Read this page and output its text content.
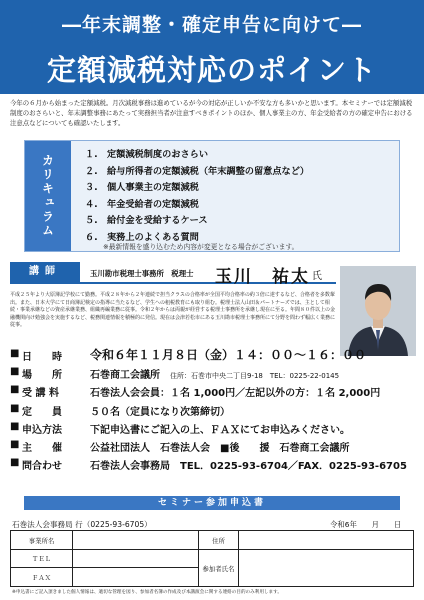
―年末調整・確定申告に向けて―
定額減税対応のポイント
今年の６月から始まった定額減税。月次減税事務は進めているが今の対応が正しいか不安な方も多いかと思います。本セミナーでは定額減税制度のおさらいと、年末調整事務にあたって実務担当者が注意すべきポイントのほか、個人事業主の方、年金受給者の方の確定申告における注意点などについても確認いたします。
カリキュラム	１. 定額減税制度のおさらい
２. 給与所得者の定額減税（年末調整の留意点など）
３. 個人事業主の定額減税
４. 年金受給者の定額減税
５. 給付金を受給するケース
６. 実務上のよくある質問
※最新情報を盛り込むため内容が変更となる場合がございます。
講師	玉川勘市税理士事務所　税理士 玉川　祐太 氏
平成２５年より大原簿記学校にて勤務。平成２８年から２年連続で担当クラスの合格率が全国平均合格率の約３倍に達するなど、合格者を多数輩出。また、日本大学にて日商簿記検定の指導に当たるなど、学生への租税教育にも取り組む。税理士法人山田＆パートナーズでは、主として相続・事業承継などの資産承継業務、組織再編業務に従事。令和２年からは両親が経営する税理士事務所を承継し現在に至る。年間８０件以上の金融機関向け勉強会を実施するなど、税務関連情報を積極的に発信。現在は会津若松市にある玉川勘市税理士事務所にて分野を問わず幅広く業務に従事。
■ 日　　時	令和６年１１月８日（金）１４：００～１６：００
■ 場　　所	石巻商工会議所　 住所：石巻市中央二丁目9-18　TEL：0225-22-0145
■ 受 講 料	石巻法人会会員：１名 1,000円／左記以外の方：１名 2,000円
■ 定　　員	５０名（定員になり次第締切）
■ 申込方法	下記申込書にご記入の上、ＦＡＸにてお申込みください。
■ 主　　催	公益社団法人　石巻法人会　■後　　援　石巻商工会議所
■ 問合わせ	石巻法人会事務局　TEL．0225-93-6704／FAX．0225-93-6705
セミナー参加申込書
石巻法人会事務局 行（0225-93-6705）	令和6年　　月　　日
事業所名		住所	
ＴＥＬ		参加者氏名	
ＦＡＸ			
※申込書にご記入頂きました個人情報は、適切な管理を図り、参加者名簿の作成及び本講演会に関する連絡の目的のみ利用します。
